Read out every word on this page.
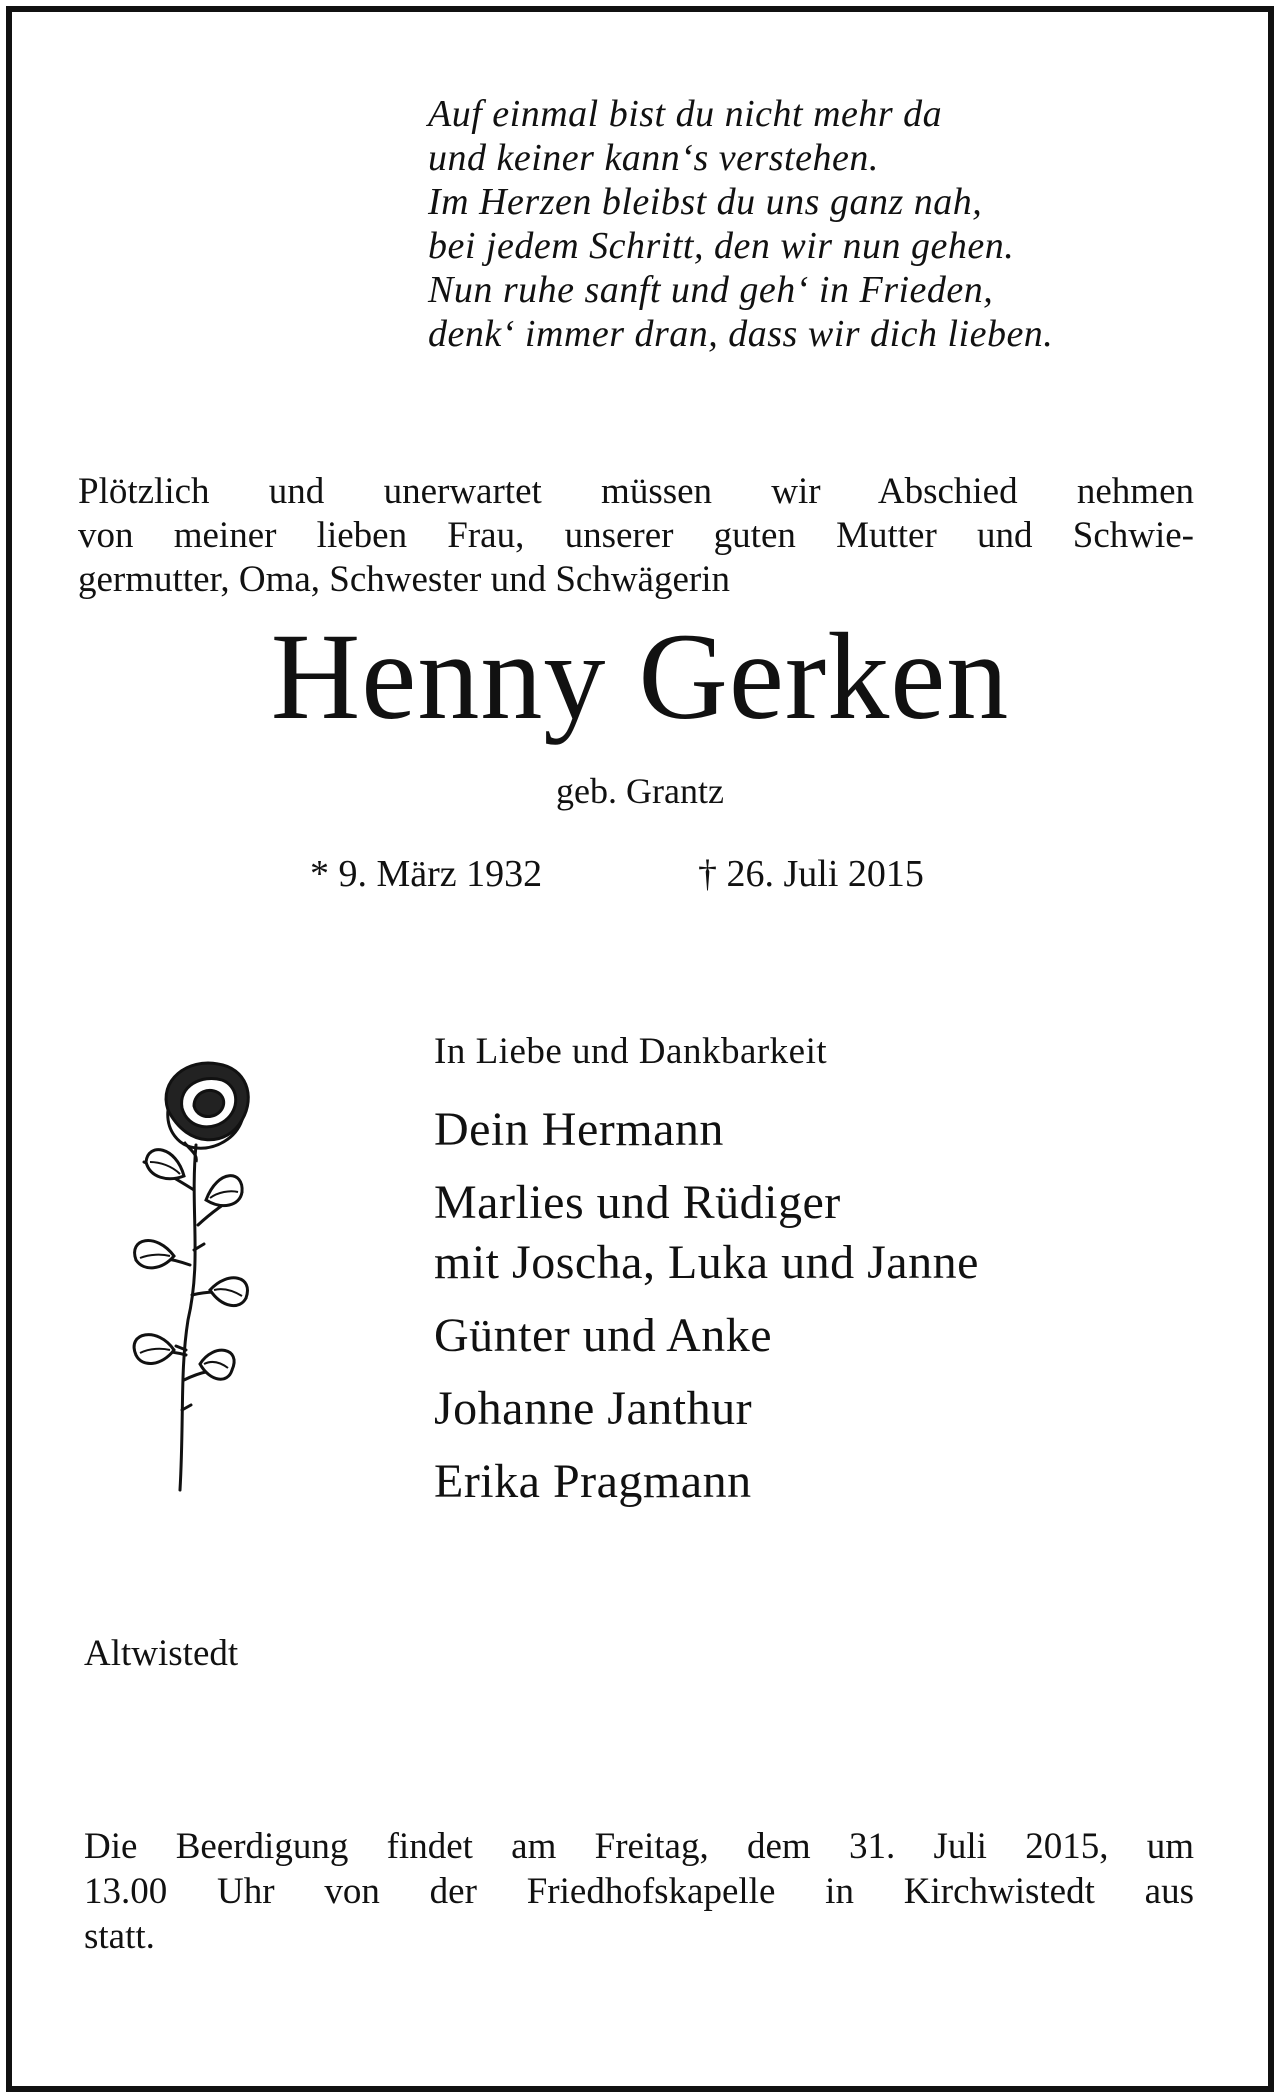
Auf einmal bist du nicht mehr da
und keiner kann‘s verstehen.
Im Herzen bleibst du uns ganz nah,
bei jedem Schritt, den wir nun gehen.
Nun ruhe sanft und geh‘ in Frieden,
denk‘ immer dran, dass wir dich lieben.
Plötzlich und unerwartet müssen wir Abschied nehmen
von meiner lieben Frau, unserer guten Mutter und Schwie-
germutter, Oma, Schwester und Schwägerin
Henny Gerken
geb. Grantz
* 9. März 1932	† 26. Juli 2015
In Liebe und Dankbarkeit
Dein Hermann
Marlies und Rüdiger
mit Joscha, Luka und Janne
Günter und Anke
Johanne Janthur
Erika Pragmann
Altwistedt
Die Beerdigung findet am Freitag, dem 31. Juli 2015, um
13.00 Uhr von der Friedhofskapelle in Kirchwistedt aus
statt.
